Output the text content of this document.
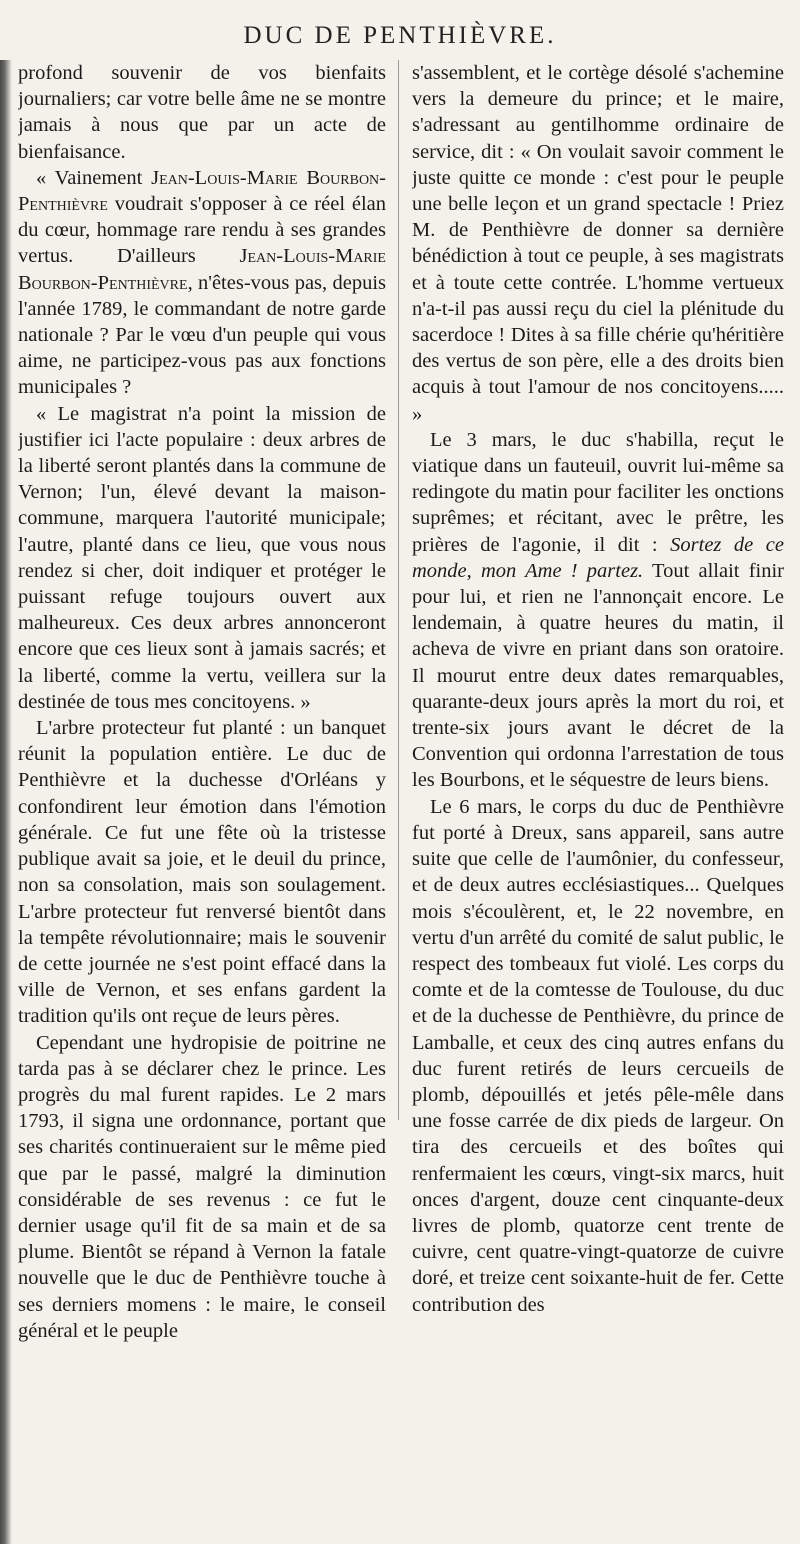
DUC DE PENTHIÈVRE.

profond souvenir de vos bienfaits journaliers; car votre belle âme ne se montre jamais à nous que par un acte de bienfaisance.

« Vainement Jean-Louis-Marie Bourbon-Penthièvre voudrait s'opposer à ce réel élan du cœur, hommage rare rendu à ses grandes vertus. D'ailleurs Jean-Louis-Marie Bourbon-Penthièvre, n'êtes-vous pas, depuis l'année 1789, le commandant de notre garde nationale ? Par le vœu d'un peuple qui vous aime, ne participez-vous pas aux fonctions municipales ?

« Le magistrat n'a point la mission de justifier ici l'acte populaire : deux arbres de la liberté seront plantés dans la commune de Vernon; l'un, élevé devant la maison-commune, marquera l'autorité municipale; l'autre, planté dans ce lieu, que vous nous rendez si cher, doit indiquer et protéger le puissant refuge toujours ouvert aux malheureux. Ces deux arbres annonceront encore que ces lieux sont à jamais sacrés; et la liberté, comme la vertu, veillera sur la destinée de tous mes concitoyens. »

L'arbre protecteur fut planté : un banquet réunit la population entière. Le duc de Penthièvre et la duchesse d'Orléans y confondirent leur émotion dans l'émotion générale. Ce fut une fête où la tristesse publique avait sa joie, et le deuil du prince, non sa consolation, mais son soulagement. L'arbre protecteur fut renversé bientôt dans la tempête révolutionnaire; mais le souvenir de cette journée ne s'est point effacé dans la ville de Vernon, et ses enfans gardent la tradition qu'ils ont reçue de leurs pères.

Cependant une hydropisie de poitrine ne tarda pas à se déclarer chez le prince. Les progrès du mal furent rapides. Le 2 mars 1793, il signa une ordonnance, portant que ses charités continueraient sur le même pied que par le passé, malgré la diminution considérable de ses revenus : ce fut le dernier usage qu'il fit de sa main et de sa plume. Bientôt se répand à Vernon la fatale nouvelle que le duc de Penthièvre touche à ses derniers momens : le maire, le conseil général et le peuple

s'assemblent, et le cortège désolé s'achemine vers la demeure du prince; et le maire, s'adressant au gentilhomme ordinaire de service, dit : « On voulait savoir comment le juste quitte ce monde : c'est pour le peuple une belle leçon et un grand spectacle ! Priez M. de Penthièvre de donner sa dernière bénédiction à tout ce peuple, à ses magistrats et à toute cette contrée. L'homme vertueux n'a-t-il pas aussi reçu du ciel la plénitude du sacerdoce ! Dites à sa fille chérie qu'héritière des vertus de son père, elle a des droits bien acquis à tout l'amour de nos concitoyens..... »

Le 3 mars, le duc s'habilla, reçut le viatique dans un fauteuil, ouvrit lui-même sa redingote du matin pour faciliter les onctions suprêmes; et récitant, avec le prêtre, les prières de l'agonie, il dit : Sortez de ce monde, mon Ame ! partez. Tout allait finir pour lui, et rien ne l'annonçait encore. Le lendemain, à quatre heures du matin, il acheva de vivre en priant dans son oratoire. Il mourut entre deux dates remarquables, quarante-deux jours après la mort du roi, et trente-six jours avant le décret de la Convention qui ordonna l'arrestation de tous les Bourbons, et le séquestre de leurs biens.

Le 6 mars, le corps du duc de Penthièvre fut porté à Dreux, sans appareil, sans autre suite que celle de l'aumônier, du confesseur, et de deux autres ecclésiastiques... Quelques mois s'écoulèrent, et, le 22 novembre, en vertu d'un arrêté du comité de salut public, le respect des tombeaux fut violé. Les corps du comte et de la comtesse de Toulouse, du duc et de la duchesse de Penthièvre, du prince de Lamballe, et ceux des cinq autres enfans du duc furent retirés de leurs cercueils de plomb, dépouillés et jetés pêle-mêle dans une fosse carrée de dix pieds de largeur. On tira des cercueils et des boîtes qui renfermaient les cœurs, vingt-six marcs, huit onces d'argent, douze cent cinquante-deux livres de plomb, quatorze cent trente de cuivre, cent quatre-vingt-quatorze de cuivre doré, et treize cent soixante-huit de fer. Cette contribution des
